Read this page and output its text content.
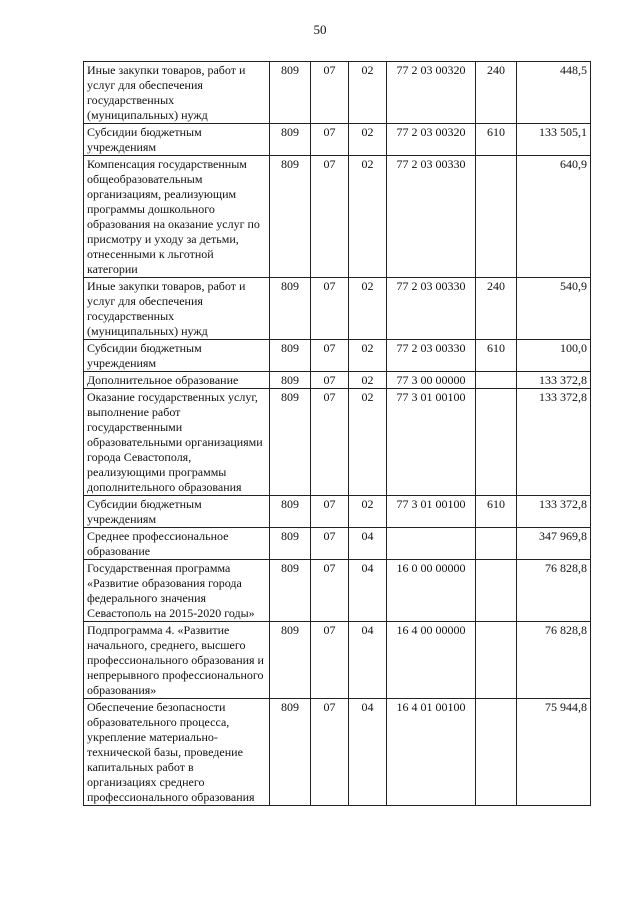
50
Иные закупки товаров, работ и услуг для обеспечения государственных (муниципальных) нужд	809	07	02	77 2 03 00320	240	448,5
Субсидии бюджетным учреждениям	809	07	02	77 2 03 00320	610	133 505,1
Компенсация государственным общеобразовательным организациям, реализующим программы дошкольного образования на оказание услуг по присмотру и уходу за детьми, отнесенными к льготной категории	809	07	02	77 2 03 00330		640,9
Иные закупки товаров, работ и услуг для обеспечения государственных (муниципальных) нужд	809	07	02	77 2 03 00330	240	540,9
Субсидии бюджетным учреждениям	809	07	02	77 2 03 00330	610	100,0
Дополнительное образование	809	07	02	77 3 00 00000		133 372,8
Оказание государственных услуг, выполнение работ государственными образовательными организациями города Севастополя, реализующими программы дополнительного образования	809	07	02	77 3 01 00100		133 372,8
Субсидии бюджетным учреждениям	809	07	02	77 3 01 00100	610	133 372,8
Среднее профессиональное образование	809	07	04			347 969,8
Государственная программа «Развитие образования города федерального значения Севастополь на 2015-2020 годы»	809	07	04	16 0 00 00000		76 828,8
Подпрограмма 4. «Развитие начального, среднего, высшего профессионального образования и непрерывного профессионального образования»	809	07	04	16 4 00 00000		76 828,8
Обеспечение безопасности образовательного процесса, укрепление материально-технической базы, проведение капитальных работ в организациях среднего профессионального образования	809	07	04	16 4 01 00100		75 944,8
